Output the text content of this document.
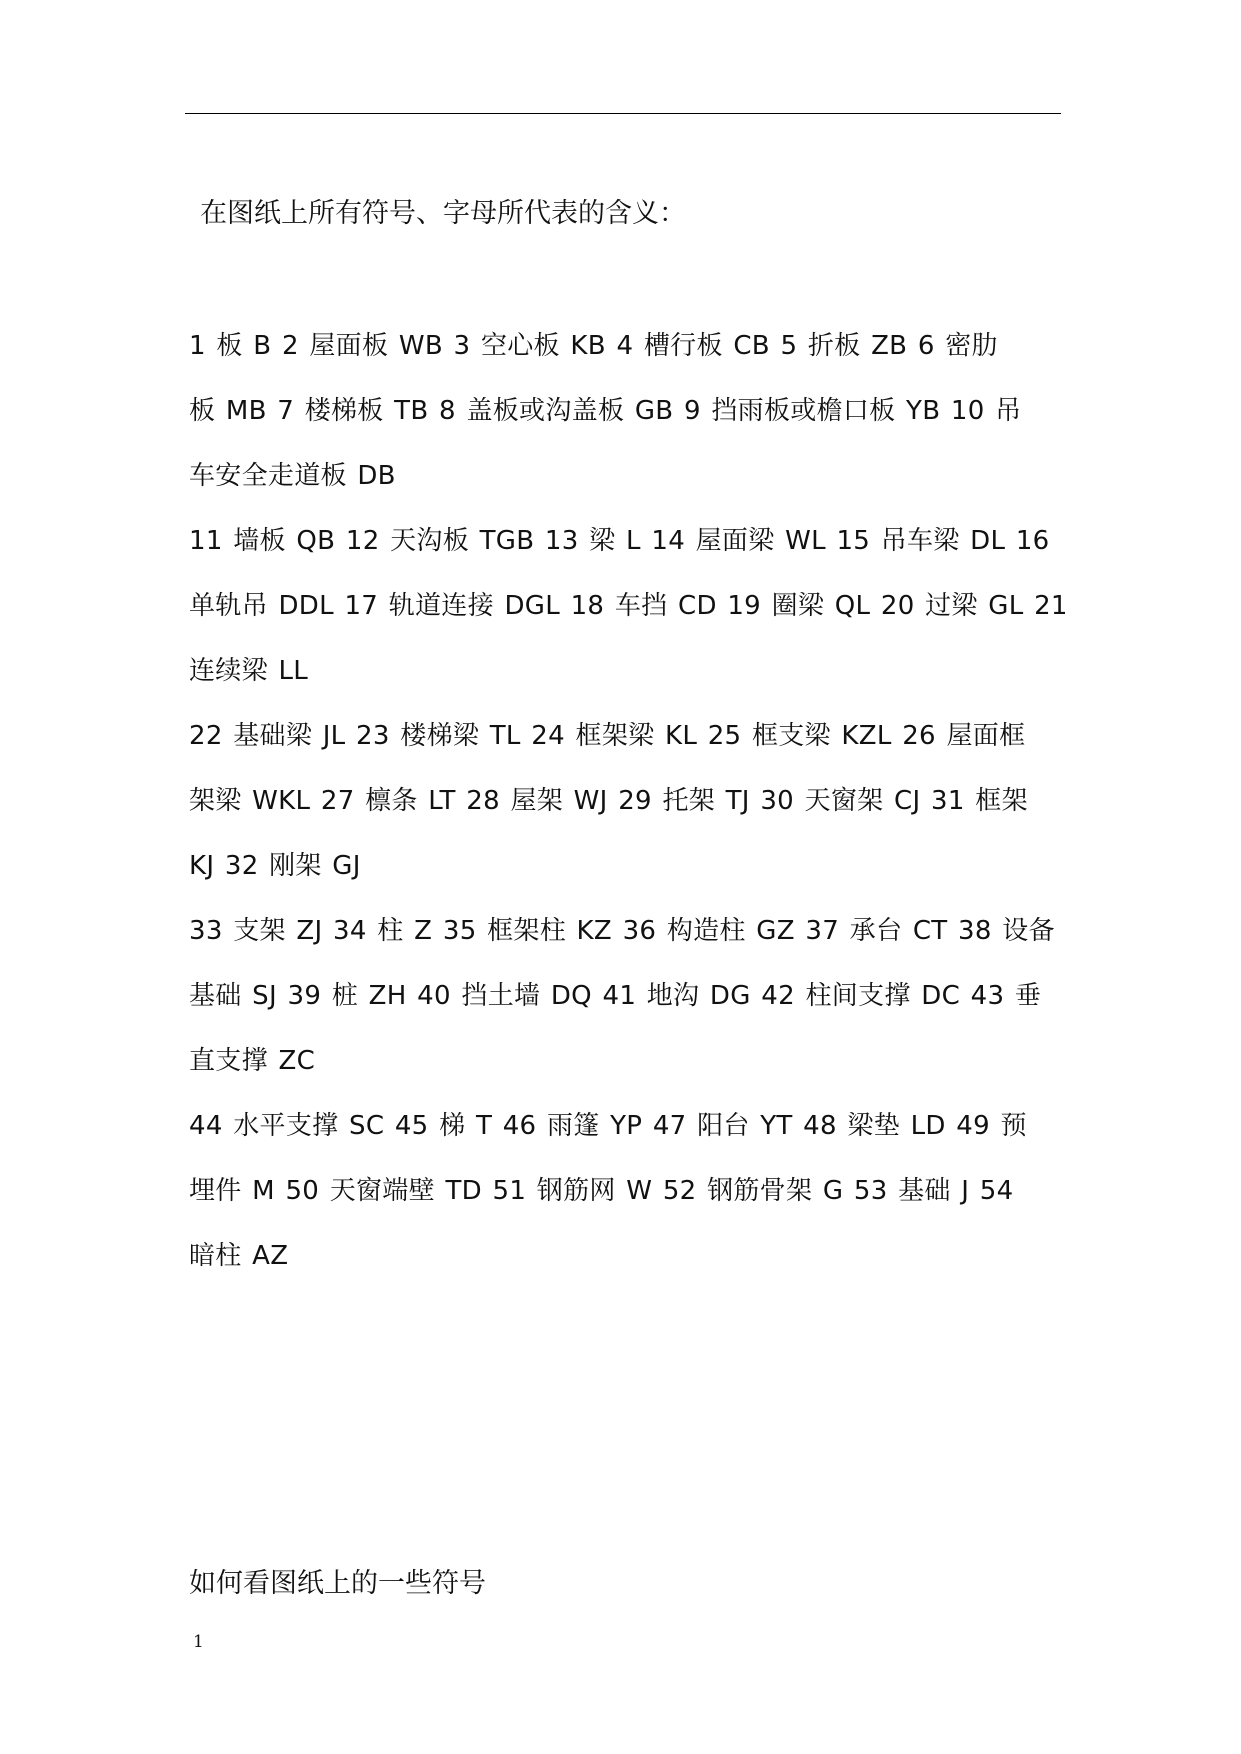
在图纸上所有符号、字母所代表的含义：
1 板 B 2 屋面板 WB 3 空心板 KB 4 槽行板 CB 5 折板 ZB 6 密肋
板 MB 7 楼梯板 TB 8 盖板或沟盖板 GB 9 挡雨板或檐口板 YB 10 吊
车安全走道板 DB
11 墙板 QB 12 天沟板 TGB 13 梁 L 14 屋面梁 WL 15 吊车梁 DL 16
单轨吊 DDL 17 轨道连接 DGL 18 车挡 CD 19 圈梁 QL 20 过梁 GL 21
连续梁 LL
22 基础梁 JL 23 楼梯梁 TL 24 框架梁 KL 25 框支梁 KZL 26 屋面框
架梁 WKL 27 檩条 LT 28 屋架 WJ 29 托架 TJ 30 天窗架 CJ 31 框架
KJ 32 刚架 GJ
33 支架 ZJ 34 柱 Z 35 框架柱 KZ 36 构造柱 GZ 37 承台 CT 38 设备
基础 SJ 39 桩 ZH 40 挡土墙 DQ 41 地沟 DG 42 柱间支撑 DC 43 垂
直支撑 ZC
44 水平支撑 SC 45 梯 T 46 雨篷 YP 47 阳台 YT 48 梁垫 LD 49 预
埋件 M 50 天窗端壁 TD 51 钢筋网 W 52 钢筋骨架 G 53 基础 J 54
暗柱 AZ
如何看图纸上的一些符号
1
